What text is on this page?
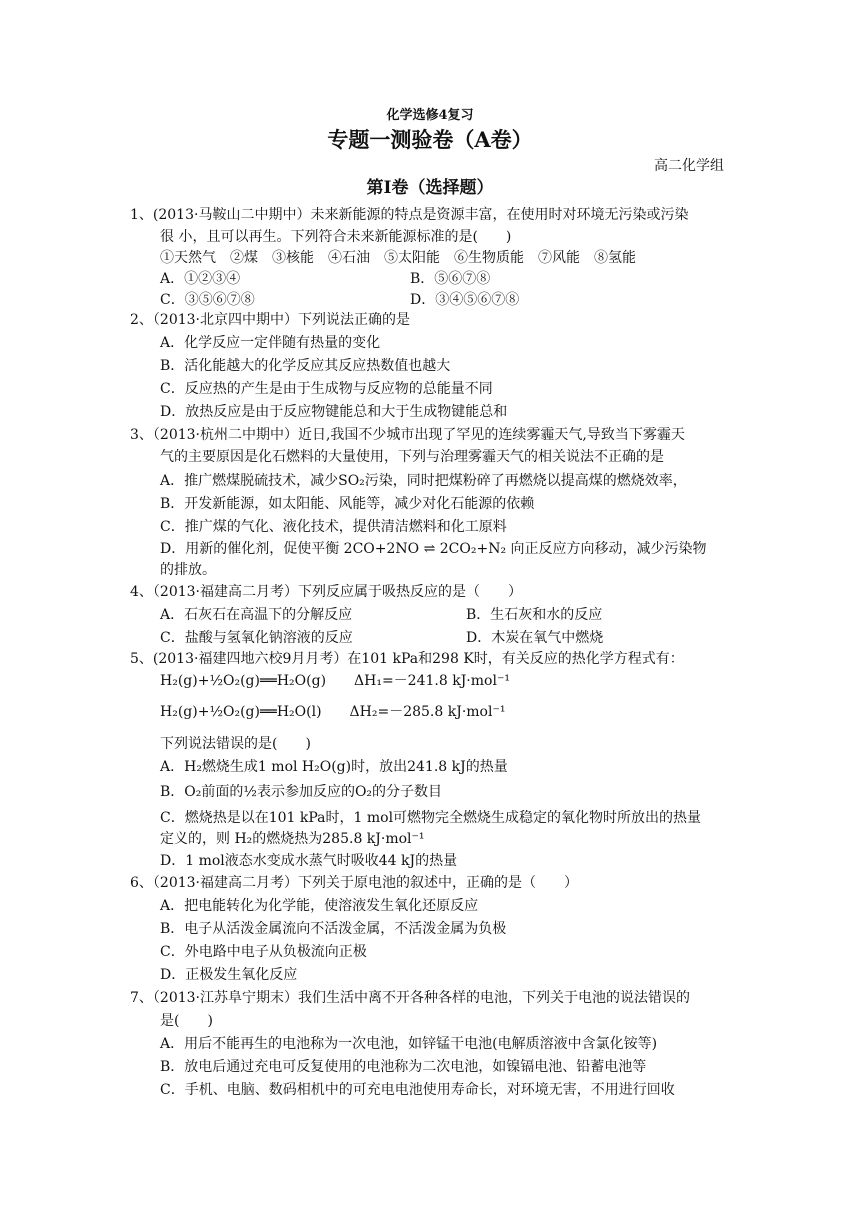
化学选修4复习
专题一测验卷（A卷）
高二化学组
第Ⅰ卷（选择题）
1、(2013·马鞍山二中期中）未来新能源的特点是资源丰富，在使用时对环境无污染或污染
很 小，且可以再生。下列符合未来新能源标准的是(　　)
①天然气　②煤　③核能　④石油　⑤太阳能　⑥生物质能　⑦风能　⑧氢能
A．①②③④	B．⑤⑥⑦⑧
C．③⑤⑥⑦⑧	D．③④⑤⑥⑦⑧
2、（2013·北京四中期中）下列说法正确的是
A．化学反应一定伴随有热量的变化
B．活化能越大的化学反应其反应热数值也越大
C．反应热的产生是由于生成物与反应物的总能量不同
D．放热反应是由于反应物键能总和大于生成物键能总和
3、（2013·杭州二中期中）近日,我国不少城市出现了罕见的连续雾霾天气,导致当下雾霾天
气的主要原因是化石燃料的大量使用，下列与治理雾霾天气的相关说法不正确的是
A．推广燃煤脱硫技术，减少SO₂污染，同时把煤粉碎了再燃烧以提高煤的燃烧效率，
B．开发新能源，如太阳能、风能等，减少对化石能源的依赖
C．推广煤的气化、液化技术，提供清洁燃料和化工原料
D．用新的催化剂，促使平衡 2CO+2NO ⇌ 2CO₂+N₂ 向正反应方向移动，减少污染物
的排放。
4、（2013·福建高二月考）下列反应属于吸热反应的是（　　）
A．石灰石在高温下的分解反应	B．生石灰和水的反应
C．盐酸与氢氧化钠溶液的反应	D．木炭在氧气中燃烧
5、(2013·福建四地六校9月月考）在101 kPa和298 K时，有关反应的热化学方程式有：
H₂(g)+½O₂(g)══H₂O(g)　　ΔH₁=－241.8 kJ·mol⁻¹
H₂(g)+½O₂(g)══H₂O(l)　　ΔH₂=－285.8 kJ·mol⁻¹
下列说法错误的是(　　)
A．H₂燃烧生成1 mol H₂O(g)时，放出241.8 kJ的热量
B．O₂前面的½表示参加反应的O₂的分子数目
C．燃烧热是以在101 kPa时，1 mol可燃物完全燃烧生成稳定的氧化物时所放出的热量
定义的，则 H₂的燃烧热为285.8 kJ·mol⁻¹
D．1 mol液态水变成水蒸气时吸收44 kJ的热量
6、（2013·福建高二月考）下列关于原电池的叙述中，正确的是（　　）
A．把电能转化为化学能，使溶液发生氧化还原反应
B．电子从活泼金属流向不活泼金属，不活泼金属为负极
C．外电路中电子从负极流向正极
D．正极发生氧化反应
7、（2013·江苏阜宁期末）我们生活中离不开各种各样的电池，下列关于电池的说法错误的
是(　　)
A．用后不能再生的电池称为一次电池，如锌锰干电池(电解质溶液中含氯化铵等)
B．放电后通过充电可反复使用的电池称为二次电池，如镍镉电池、铅蓄电池等
C．手机、电脑、数码相机中的可充电电池使用寿命长，对环境无害，不用进行回收
